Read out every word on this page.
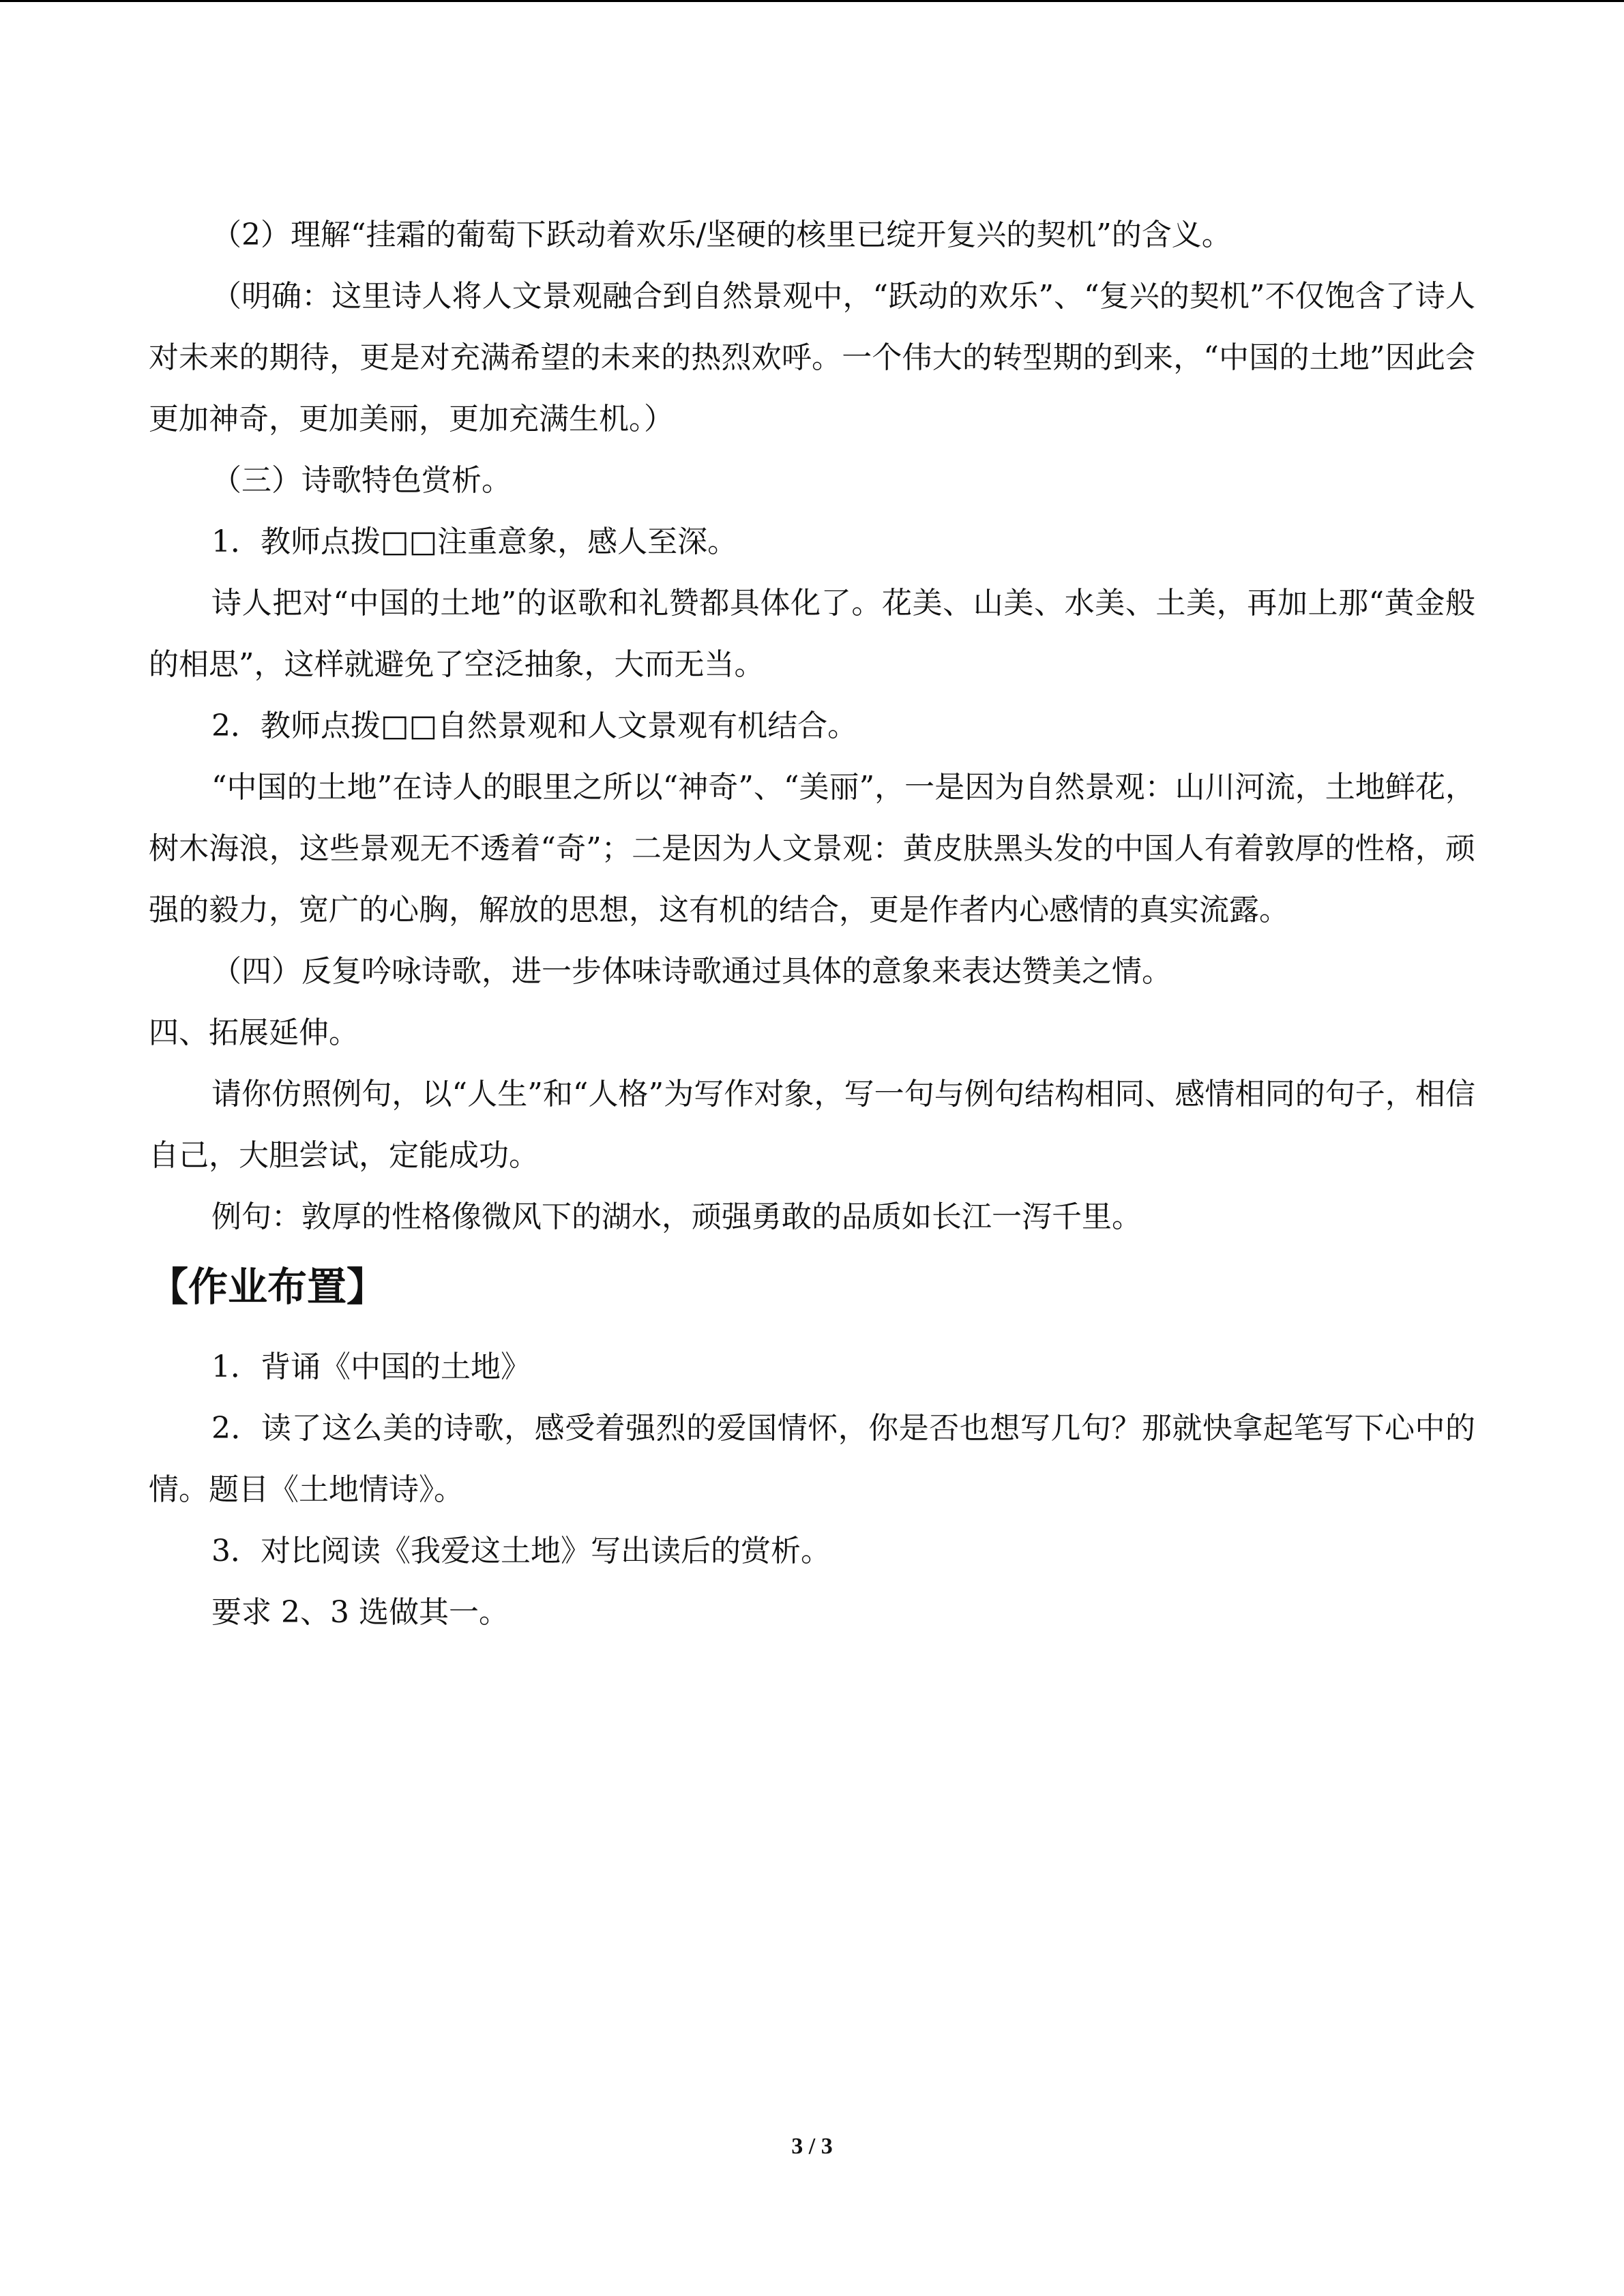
（2）理解“挂霜的葡萄下跃动着欢乐/坚硬的核里已绽开复兴的契机”的含义。

（明确：这里诗人将人文景观融合到自然景观中，“跃动的欢乐”、“复兴的契机”不仅饱含了诗人对未来的期待，更是对充满希望的未来的热烈欢呼。一个伟大的转型期的到来，“中国的土地”因此会更加神奇，更加美丽，更加充满生机。）

（三）诗歌特色赏析。

1．教师点拨□□注重意象，感人至深。

诗人把对“中国的土地”的讴歌和礼赞都具体化了。花美、山美、水美、土美，再加上那“黄金般的相思”，这样就避免了空泛抽象，大而无当。

2．教师点拨□□自然景观和人文景观有机结合。

“中国的土地”在诗人的眼里之所以“神奇”、“美丽”，一是因为自然景观：山川河流，土地鲜花，树木海浪，这些景观无不透着“奇”；二是因为人文景观：黄皮肤黑头发的中国人有着敦厚的性格，顽强的毅力，宽广的心胸，解放的思想，这有机的结合，更是作者内心感情的真实流露。

（四）反复吟咏诗歌，进一步体味诗歌通过具体的意象来表达赞美之情。

四、拓展延伸。

请你仿照例句，以“人生”和“人格”为写作对象，写一句与例句结构相同、感情相同的句子，相信自己，大胆尝试，定能成功。

例句：敦厚的性格像微风下的湖水，顽强勇敢的品质如长江一泻千里。

【作业布置】

1．背诵《中国的土地》

2．读了这么美的诗歌，感受着强烈的爱国情怀，你是否也想写几句？那就快拿起笔写下心中的情。题目《土地情诗》。

3．对比阅读《我爱这土地》写出读后的赏析。

要求 2、3 选做其一。

3 / 3
